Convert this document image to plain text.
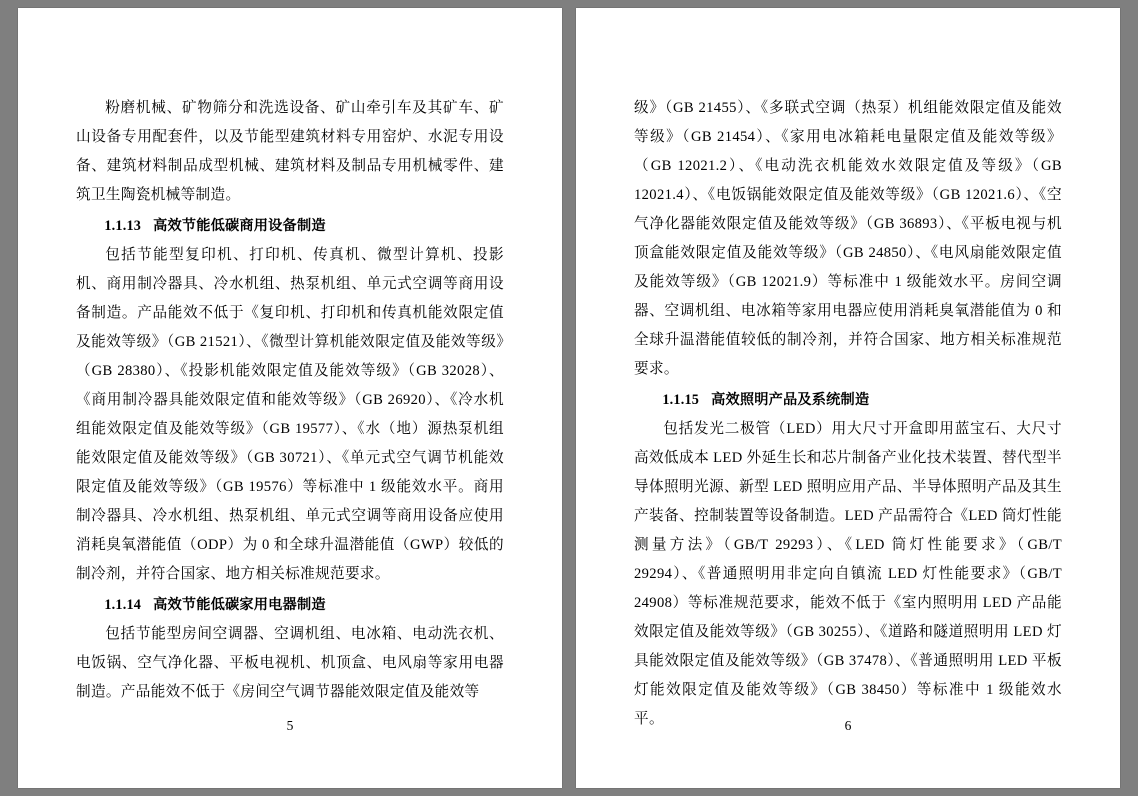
粉磨机械、矿物筛分和洗选设备、矿山牵引车及其矿车、矿山设备专用配套件，以及节能型建筑材料专用窑炉、水泥专用设备、建筑材料制品成型机械、建筑材料及制品专用机械零件、建筑卫生陶瓷机械等制造。

1.1.13 高效节能低碳商用设备制造

包括节能型复印机、打印机、传真机、微型计算机、投影机、商用制冷器具、冷水机组、热泵机组、单元式空调等商用设备制造。产品能效不低于《复印机、打印机和传真机能效限定值及能效等级》（GB 21521）、《微型计算机能效限定值及能效等级》（GB 28380）、《投影机能效限定值及能效等级》（GB 32028）、《商用制冷器具能效限定值和能效等级》（GB 26920）、《冷水机组能效限定值及能效等级》（GB 19577）、《水（地）源热泵机组能效限定值及能效等级》（GB 30721）、《单元式空气调节机能效限定值及能效等级》（GB 19576）等标准中 1 级能效水平。商用制冷器具、冷水机组、热泵机组、单元式空调等商用设备应使用消耗臭氧潜能值（ODP）为 0 和全球升温潜能值（GWP）较低的制冷剂，并符合国家、地方相关标准规范要求。

1.1.14 高效节能低碳家用电器制造

包括节能型房间空调器、空调机组、电冰箱、电动洗衣机、电饭锅、空气净化器、平板电视机、机顶盒、电风扇等家用电器制造。产品能效不低于《房间空气调节器能效限定值及能效等

5

级》（GB 21455）、《多联式空调（热泵）机组能效限定值及能效等级》（GB 21454）、《家用电冰箱耗电量限定值及能效等级》（GB 12021.2）、《电动洗衣机能效水效限定值及等级》（GB 12021.4）、《电饭锅能效限定值及能效等级》（GB 12021.6）、《空气净化器能效限定值及能效等级》（GB 36893）、《平板电视与机顶盒能效限定值及能效等级》（GB 24850）、《电风扇能效限定值及能效等级》（GB 12021.9）等标准中 1 级能效水平。房间空调器、空调机组、电冰箱等家用电器应使用消耗臭氧潜能值为 0 和全球升温潜能值较低的制冷剂，并符合国家、地方相关标准规范要求。

1.1.15 高效照明产品及系统制造

包括发光二极管（LED）用大尺寸开盒即用蓝宝石、大尺寸高效低成本 LED 外延生长和芯片制备产业化技术装置、替代型半导体照明光源、新型 LED 照明应用产品、半导体照明产品及其生产装备、控制装置等设备制造。LED 产品需符合《LED 筒灯性能测量方法》（GB/T 29293）、《LED 筒灯性能要求》（GB/T 29294）、《普通照明用非定向自镇流 LED 灯性能要求》（GB/T 24908）等标准规范要求，能效不低于《室内照明用 LED 产品能效限定值及能效等级》（GB 30255）、《道路和隧道照明用 LED 灯具能效限定值及能效等级》（GB 37478）、《普通照明用 LED 平板灯能效限定值及能效等级》（GB 38450）等标准中 1 级能效水平。	6
